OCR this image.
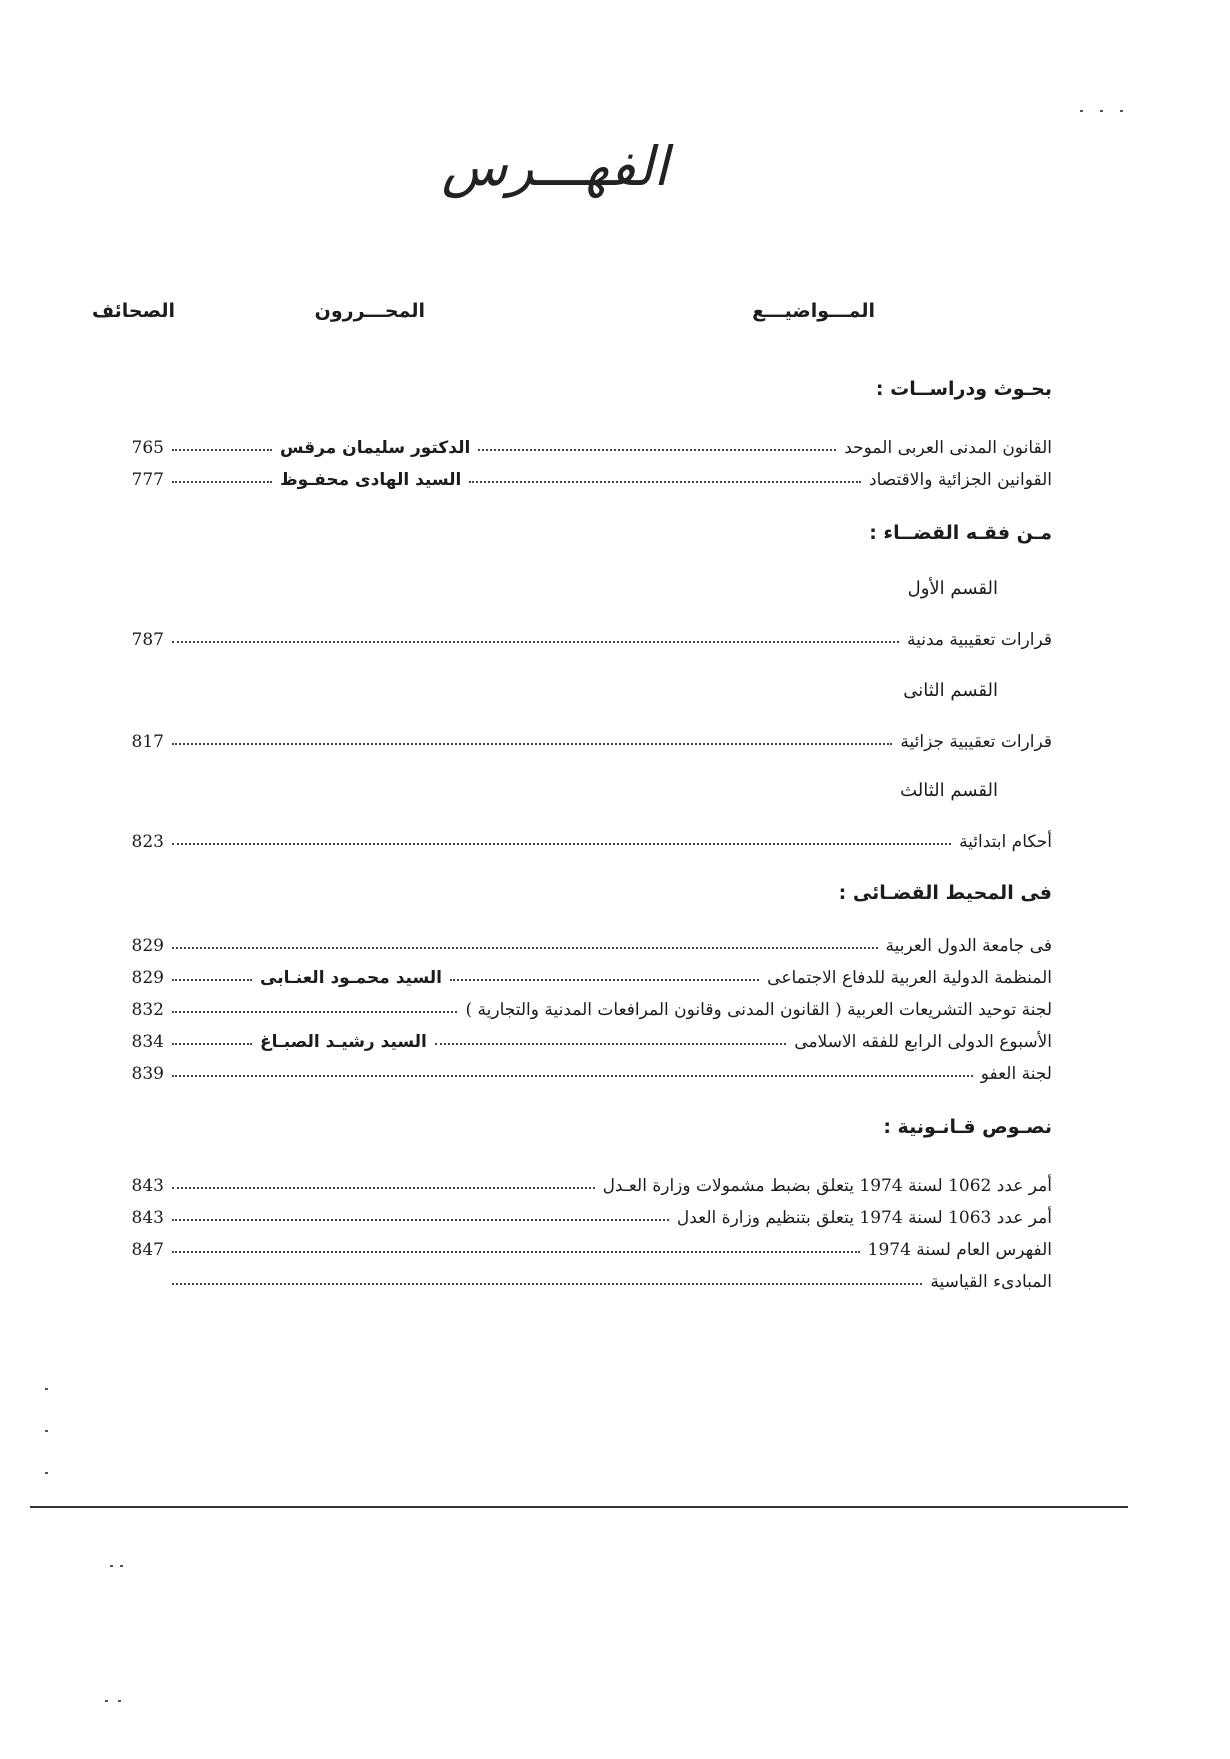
الفهـــرس
المـــواضيـــع
المحـــررون
الصحائف
بحـوث ودراســات :
القانون المدنى العربى الموحد
الدكتور سليمان مرقس
765
القوانين الجزائية والاقتصاد
السيد الهادى محفـوظ
777
مـن فقـه القضــاء :
القسم الأول
قرارات تعقيبية مدنية
787
القسم الثانى
قرارات تعقيبية جزائية
817
القسم الثالث
أحكام ابتدائية
823
فى المحيط القضـائى :
فى جامعة الدول العربية
829
المنظمة الدولية العربية للدفاع الاجتماعى
السيد محمـود العنـابى
829
لجنة توحيد التشريعات العربية ( القانون المدنى وقانون المرافعات المدنية والتجارية )
832
الأسبوع الدولى الرابع للفقه الاسلامى
السيد رشيـد الصبـاغ
834
لجنة العفو
839
نصـوص قـانـونية :
أمر عدد 1062 لسنة 1974 يتعلق بضبط مشمولات وزارة العـدل
843
أمر عدد 1063 لسنة 1974 يتعلق بتنظيم وزارة العدل
843
الفهرس العام لسنة 1974
847
المبادىء القياسية
